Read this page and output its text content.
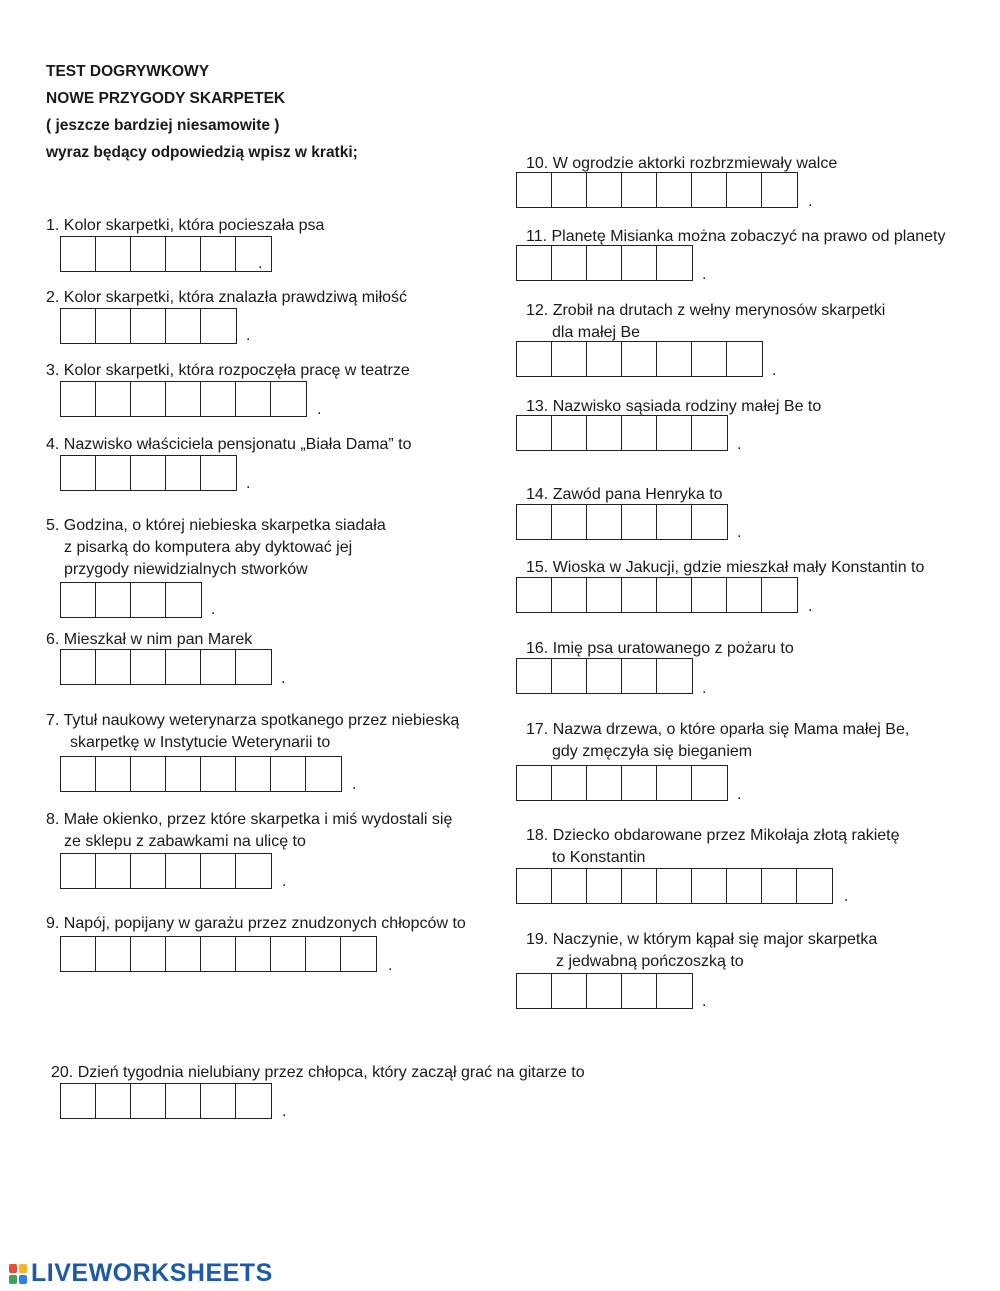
TEST DOGRYWKOWY
NOWE PRZYGODY SKARPETEK
( jeszcze bardziej niesamowite )
wyraz będący odpowiedzią wpisz w kratki;
1. Kolor skarpetki, która pocieszała psa
.
2. Kolor skarpetki, która znalazła prawdziwą miłość
.
3. Kolor skarpetki, która rozpoczęła pracę w teatrze
.
4. Nazwisko właściciela pensjonatu „Biała Dama” to
.
5. Godzina, o której niebieska skarpetka siadała
z pisarką do komputera aby dyktować jej
przygody niewidzialnych stworków
.
6. Mieszkał w nim pan Marek
.
7. Tytuł naukowy weterynarza spotkanego przez niebieską
skarpetkę w Instytucie Weterynarii to
.
8. Małe okienko, przez które skarpetka i miś wydostali się
ze sklepu z zabawkami na ulicę to
.
9. Napój, popijany w garażu przez znudzonych chłopców to
.
10. W ogrodzie aktorki rozbrzmiewały walce
.
11. Planetę Misianka można zobaczyć na prawo od planety
.
12. Zrobił na drutach z wełny merynosów skarpetki
dla małej Be
.
13. Nazwisko sąsiada rodziny małej Be to
.
14. Zawód pana Henryka to
.
15. Wioska w Jakucji, gdzie mieszkał mały Konstantin to
.
16. Imię psa uratowanego z pożaru to
.
17. Nazwa drzewa, o które oparła się Mama małej Be,
gdy zmęczyła się bieganiem
.
18. Dziecko obdarowane przez Mikołaja złotą rakietę
to Konstantin
.
19. Naczynie, w którym kąpał się major skarpetka
z jedwabną pończoszką to
.
20. Dzień tygodnia nielubiany przez chłopca, który zaczął grać na gitarze to
.
LIVEWORKSHEETS
